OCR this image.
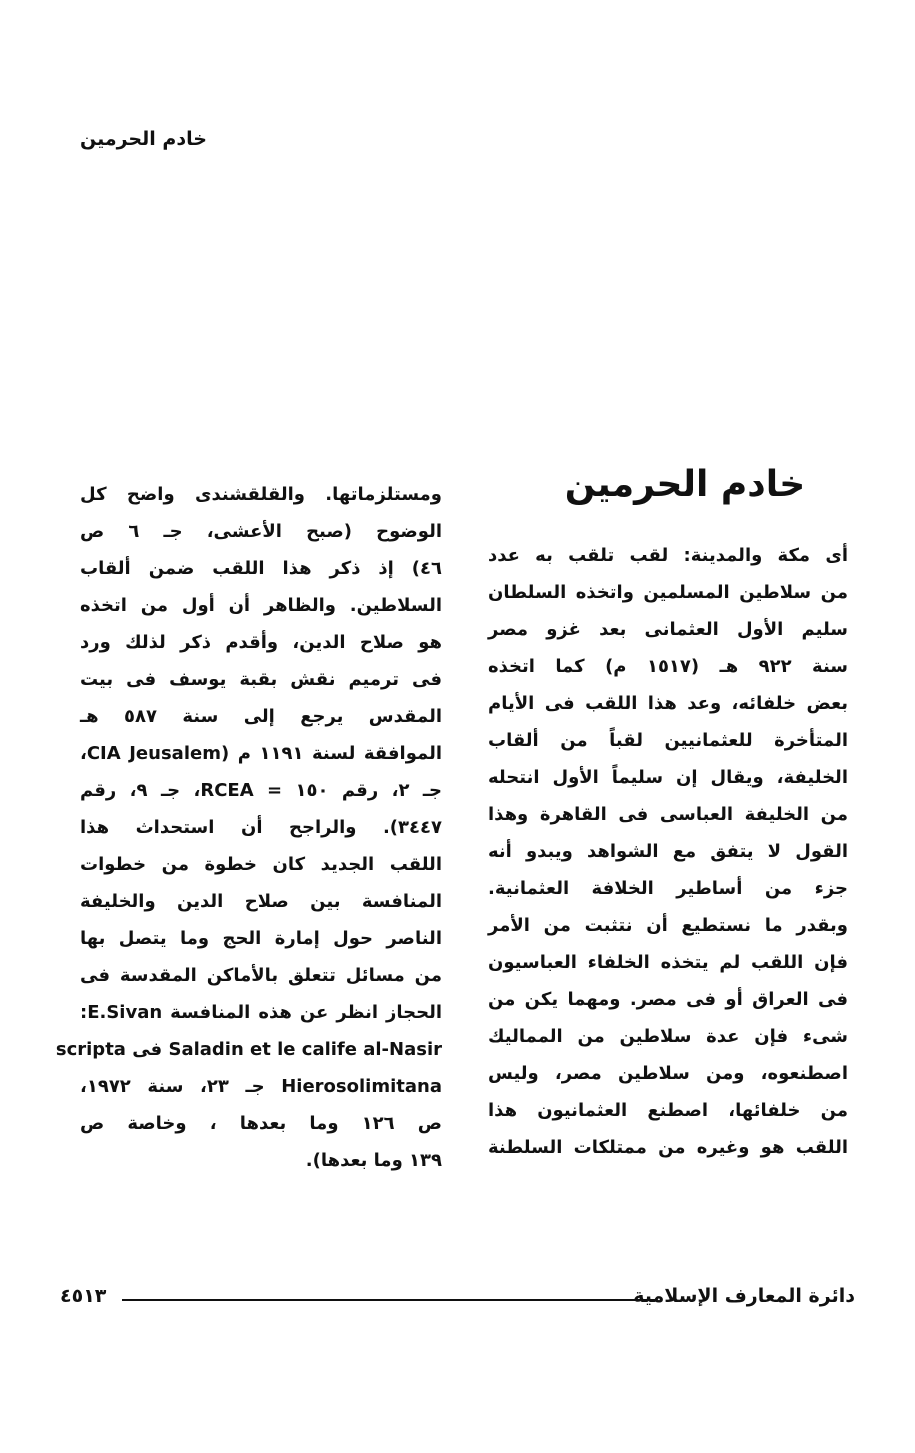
خادم الحرمين
خادم الحرمين
أى مكة والمدينة: لقب تلقب به عدد
من سلاطين المسلمين واتخذه السلطان
سليم الأول العثمانى بعد غزو مصر
سنة ٩٢٢ هـ (١٥١٧ م) كما اتخذه
بعض خلفائه، وعد هذا اللقب فى الأيام
المتأخرة للعثمانيين لقباً من ألقاب
الخليفة، ويقال إن سليماً الأول انتحله
من الخليفة العباسى فى القاهرة وهذا
القول لا يتفق مع الشواهد ويبدو أنه
جزء من أساطير الخلافة العثمانية.
وبقدر ما نستطيع أن نتثبت من الأمر
فإن اللقب لم يتخذه الخلفاء العباسيون
فى العراق أو فى مصر. ومهما يكن من
شىء فإن عدة سلاطين من المماليك
اصطنعوه، ومن سلاطين مصر، وليس
من خلفائها، اصطنع العثمانيون هذا
اللقب هو وغيره من ممتلكات السلطنة
ومستلزماتها. والقلقشندى واضح كل
الوضوح (صبح الأعشى، جـ ٦ ص
٤٦) إذ ذكر هذا اللقب ضمن ألقاب
السلاطين. والظاهر أن أول من اتخذه
هو صلاح الدين، وأقدم ذكر لذلك ورد
فى ترميم نقش بقبة يوسف فى بيت
المقدس يرجع إلى سنة ٥٨٧ هـ
الموافقة لسنة ١١٩١ م (CIA Jeusalem،
جـ ٢، رقم ١٥٠ = RCEA، جـ ٩، رقم
٣٤٤٧). والراجح أن استحداث هذا
اللقب الجديد كان خطوة من خطوات
المنافسة بين صلاح الدين والخليفة
الناصر حول إمارة الحج وما يتصل بها
من مسائل تتعلق بالأماكن المقدسة فى
الحجاز انظر عن هذه المنافسة E.Sivan:
Saladin et le calife al-Nasir فى scripta
Hierosolimitana جـ ٢٣، سنة ١٩٧٢،
ص ١٢٦ وما بعدها ، وخاصة ص
١٣٩ وما بعدها).
٤٥١٣	دائرة المعارف الإسلامية
